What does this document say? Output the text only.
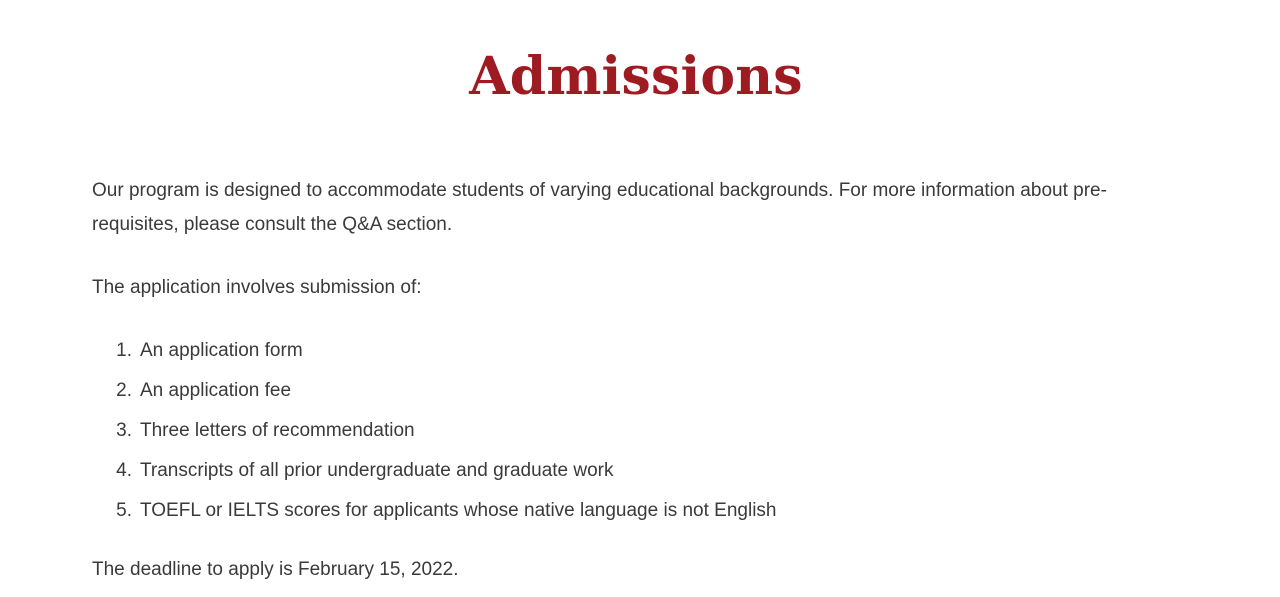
Admissions

Our program is designed to accommodate students of varying educational backgrounds. For more information about pre-requisites, please consult the Q&A section.

The application involves submission of:

1. An application form
2. An application fee
3. Three letters of recommendation
4. Transcripts of all prior undergraduate and graduate work
5. TOEFL or IELTS scores for applicants whose native language is not English

The deadline to apply is February 15, 2022.
